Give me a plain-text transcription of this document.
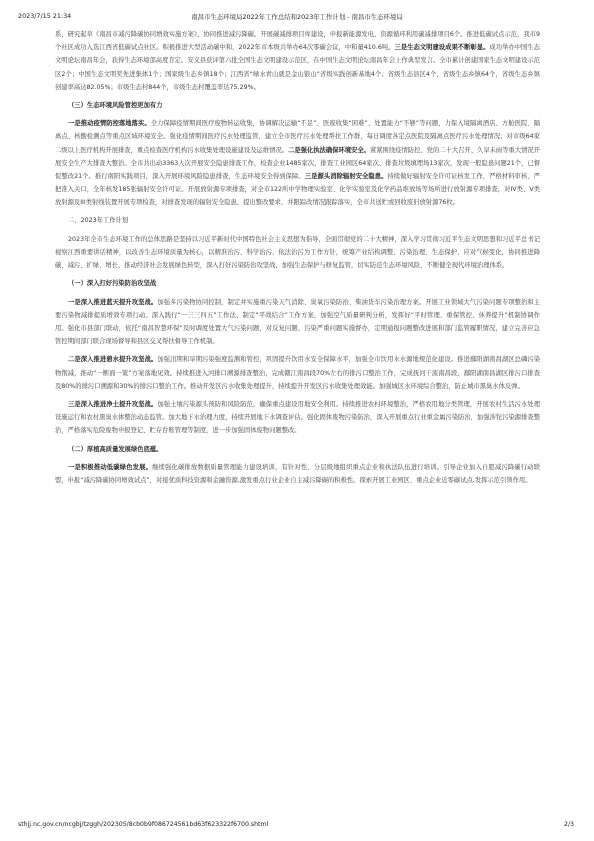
2023/7/15 21:34	南昌市生态环境局2022年工作总结和2023年工作计划 - 南昌市生态环境局

系，研究起草《南昌市减污降碳协同增效实施方案》，协同推进减污降碳。开展碳减排项目库建设，申报新能源发电、资源循环利用碳减排项目6个。推进低碳试点示范，我市9个社区成功入选江西省低碳试点社区。积极推进大型活动碳中和，2022年市本级共举办64次零碳会议，中和量410.6吨。三是生态文明建设成果不断彰显。成功举办中国生态文明论坛南昌年会，获得生态环境部高度肯定。安义县获评第六批全国生态文明建设示范区，在中国生态文明论坛南昌年会上作典型发言。全市累计创建国家生态文明建设示范区2个；中国生态文明奖先进集体1个；国家级生态乡镇18个；江西省“绿水青山就是金山银山”省级实践创新基地4个；省级生态县区4个、省级生态乡镇64个，省级生态乡镇创建率高达82.05%；市级生态村844个，市级生态村覆盖率达75.29%。

（三）生态环境风险管控更加有力

一是推动疫情防控落地落实。全力保障疫情期间医疗废物转运收集，协调解决运输“不足”、医废收集“困难”、处置能力“不够”等问题，力保入境隔离酒店、方舱医院、隔离点、核酸检测点等重点区域环境安全。强化疫情期间医疗污水处理监管，建立全市医疗污水处理帮扶工作群，每日调度各定点医院及隔离点医疗污水处理情况；对市级64家二级以上医疗机构开展排查，重点检查医疗机构污水收集处理设施建设及运维情况。二是强化执法确保环境安全。紧紧围绕疫情防控、党的二十大召开、久旱未雨等重大情况开展安全生产大排查大整治。全市共出动3363人次开展安全隐患排查工作，检查企业1485家次，排查工业园区64家次、排查垃圾填埋场13家次，发现一般隐患问题21个，已督促整改21个。推行南阳实践项目，深入开展环境风险隐患排查，生态环境安全得到保障。三是源头消除辐射安全隐患。持续做好辐射安全许可证核发工作，严格材料审核、严把准入关口，全年核发185张辐射安全许可证。开展放射源专项排查，对全市122所中学物理实验室、化学实验室及化学药品堆放场等场所进行放射源专项排查，对IV类、V类放射源及III类射线装置开展专项检查，对排查发现的辐射安全隐患，提出整改要求，并跟踪改情况跟踪落实，全市共送贮或回收废旧放射源76枚。

二、2023年工作计划

2023年全市生态环境工作的总体思路是坚持以习近平新时代中国特色社会主义思想为指导，全面贯彻党的二十大精神，深入学习贯彻习近平生态文明思想和习近平总书记视察江西重要讲话精神，以改善生态环境质量为核心，以精准治污、科学治污、依法治污为工作方针，统筹产业结构调整、污染治理、生态保护、应对气候变化，协同推进降碳、减污、扩绿、增长，推动经济社会发展绿色转型，深入打好污染防治攻坚战，加强生态保护与修复监管，切实防范生态环境风险，不断健全现代环境治理体系。

（一）深入打好污染防治攻坚战

一是深入推进蓝天提升攻坚战。加强多污染物协同控制，制定并实施重污染天气消除、臭氧污染防治、柴油货车污染治理方案。开展工业领域大气污染问题专项整治和主要污染物减排提质增效专项行动。深入践行“一三三四五”工作法，制定“平战结合”工作方案，加强空气质量研判分析，发挥好“平时管理、重保管控、休养提升”机制协调作用。强化市县部门联动，依托“南昌智慧环保”及时调度处置大气污染问题，对反复问题、污染严重问题实施督办，定期通报问题整改进展和部门监管履职情况，建立完善应急管控期间部门联合现场督导和县区交叉帮扶督导工作机制。

二是深入推进碧水提升攻坚战。加强汛期和旱期污染强度监测和管控，巩固提升饮用水安全保障水平，加强全市饮用水水源地规范化建设。推进鄱阳湖南昌湖区总磷污染物削减，推动“一断面一策”方案落地见效。持续推进入河排口溯源排查整治，完成赣江南昌段70%左右的排污口整治工作，完成抚河干流南昌段、鄱阳湖南昌湖区排污口排查及80%的排污口溯源和30%的排污口整治工作。推动开发区污水收集处理提升，持续提升开发区污水收集处理效能。加强城区水环境综合整治，防止城市黑臭水体反弹。

三是深入推进净土提升攻坚战。加强土壤污染源头预防和风险防范，确保重点建设用地安全利用。持续推进农村环境整治，严格农用地分类管理，开展农村生活污水处理设施运行和农村黑臭水体整治动态监管。加大地下水治理力度，持续开展地下水调查评估。强化固体废物污染防治，深入开展重点行业重金属污染防治，加强涉铊污染源排查整治，严格落实危险废物申报登记、贮存台账管理等制度，进一步加强固体废物问题整改。

（二）厚植高质量发展绿色底蕴。

一是积极推动低碳绿色发展。继续强化碳排放数据质量管理能力建设培训，有针对性、分层级地组织重点企业和执法队伍进行培训。引导企业加入自愿减污降碳行动联盟，申报“减污降碳协同增效试点”，对接优质科技资源和金融资源,激发重点行业企业自主减污降碳的积极性。探索开展工业园区、重点企业近零碳试点,发挥示范引领作用。

sthjj.nc.gov.cn/ncgbj/tzggh/202305/8cb0b9f086724561bd63f623322f6700.shtml	2/3
